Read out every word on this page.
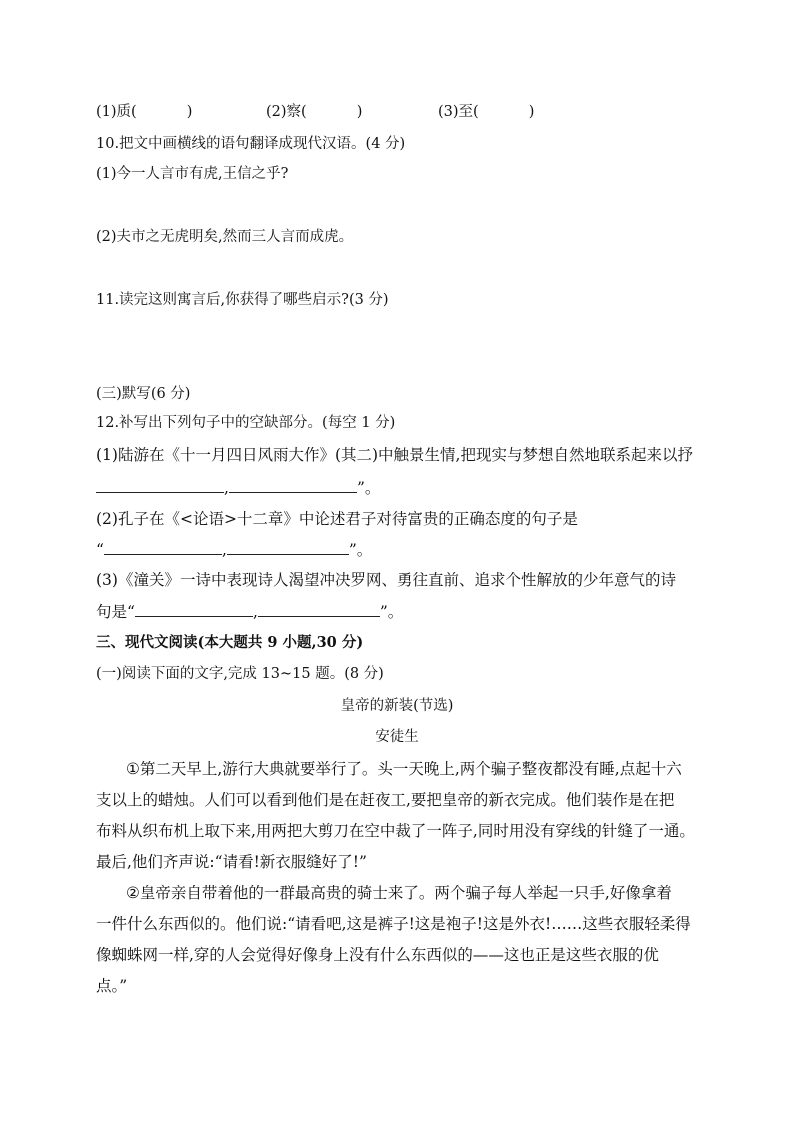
(1)质(	)	(2)察(	)	(3)至(	)
10.把文中画横线的语句翻译成现代汉语。(4 分)
(1)今一人言市有虎,王信之乎?
(2)夫市之无虎明矣,然而三人言而成虎。
11.读完这则寓言后,你获得了哪些启示?(3 分)
(三)默写(6 分)
12.补写出下列句子中的空缺部分。(每空 1 分)
(1)陆游在《十一月四日风雨大作》(其二)中触景生情,把现实与梦想自然地联系起来以抒
,	”。
(2)孔子在《<论语>十二章》中论述君子对待富贵的正确态度的句子是
“	,	”。
(3)《潼关》一诗中表现诗人渴望冲决罗网、勇往直前、追求个性解放的少年意气的诗
句是“	,	”。
三、现代文阅读(本大题共 9 小题,30 分)
(一)阅读下面的文字,完成 13~15 题。(8 分)
皇帝的新装(节选)
安徒生
①第二天早上,游行大典就要举行了。头一天晚上,两个骗子整夜都没有睡,点起十六
支以上的蜡烛。人们可以看到他们是在赶夜工,要把皇帝的新衣完成。他们装作是在把
布料从织布机上取下来,用两把大剪刀在空中裁了一阵子,同时用没有穿线的针缝了一通。
最后,他们齐声说:“请看!新衣服缝好了!”
②皇帝亲自带着他的一群最高贵的骑士来了。两个骗子每人举起一只手,好像拿着
一件什么东西似的。他们说:“请看吧,这是裤子!这是袍子!这是外衣!……这些衣服轻柔得
像蜘蛛网一样,穿的人会觉得好像身上没有什么东西似的——这也正是这些衣服的优
点。”
